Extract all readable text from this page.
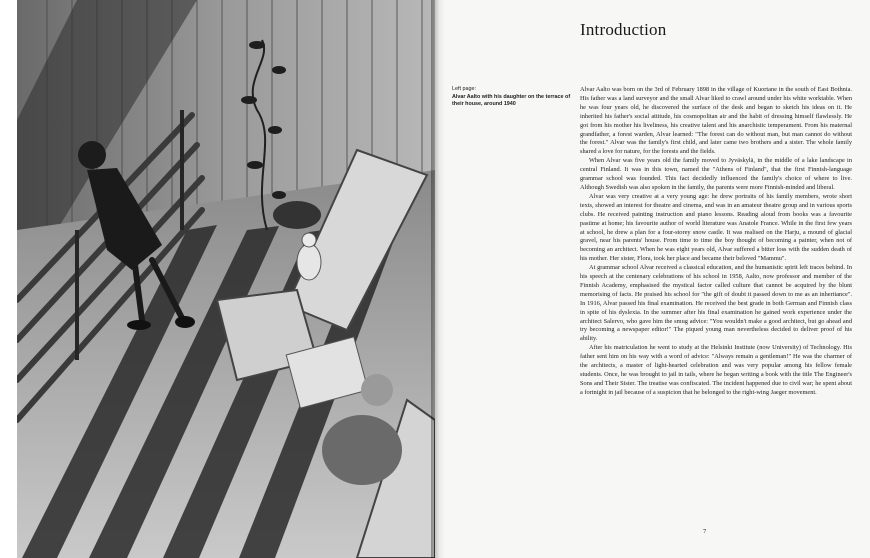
Introduction
Left page:
Alvar Aalto with his daughter on the terrace of their house, around 1940

Alvar Aalto was born on the 3rd of February 1898 in the village of Kuortane in the south of East Bothnia. His father was a land surveyor and the small Alvar liked to crawl around under his white worktable. When he was four years old, he discovered the surface of the desk and began to sketch his ideas on it. He inherited his father's social attitude, his cosmopolitan air and the habit of dressing himself flawlessly. He got from his mother his liveliness, his creative talent and his anarchistic temperament. From his maternal grandfather, a forest warden, Alvar learned: "The forest can do without man, but man cannot do without the forest." Alvar was the family's first child, and later came two brothers and a sister. The whole family shared a love for nature, for the forests and the fields.

When Alvar was five years old the family moved to Jyväskylä, in the middle of a lake landscape in central Finland. It was in this town, named the "Athens of Finland", that the first Finnish-language grammar school was founded. This fact decidedly influenced the family's choice of where to live. Although Swedish was also spoken in the family, the parents were more Finnish-minded and liberal.

Alvar was very creative at a very young age: he drew portraits of his family members, wrote short texts, showed an interest for theatre and cinema, and was in an amateur theatre group and in various sports clubs. He received painting instruction and piano lessons. Reading aloud from books was a favourite pastime at home; his favourite author of world literature was Anatole France. While in the first few years at school, he drew a plan for a four-storey snow castle. It was realised on the Harju, a mound of glacial gravel, near his parents' house. From time to time the boy thought of becoming a painter, when not of becoming an architect. When he was eight years old, Alvar suffered a bitter loss with the sudden death of his mother. Her sister, Flora, took her place and became their beloved "Mammu".

At grammar school Alvar received a classical education, and the humanistic spirit left traces behind. In his speech at the centenary celebrations of his school in 1958, Aalto, now professor and member of the Finnish Academy, emphasised the mystical factor called culture that cannot be acquired by the blunt memorising of facts. He praised his school for "the gift of doubt it passed down to me as an inheritance". In 1916, Alvar passed his final examination. He received the best grade in both German and Finnish class in spite of his dyslexia. In the summer after his final examination he gained work experience under the architect Salervo, who gave him the smug advice: "You wouldn't make a good architect, but go ahead and try becoming a newspaper editor!" The piqued young man nevertheless decided to deliver proof of his ability.

After his matriculation he went to study at the Helsinki Institute (now University) of Technology. His father sent him on his way with a word of advice: "Always remain a gentleman!" He was the charmer of the architects, a master of light-hearted celebration and was very popular among his fellow female students. Once, he was brought to jail in tails, where he began writing a book with the title The Engineer's Sons and Their Sister. The treatise was confiscated. The incident happened due to civil war; he spent about a fortnight in jail because of a suspicion that he belonged to the right-wing Jaeger movement.

7
